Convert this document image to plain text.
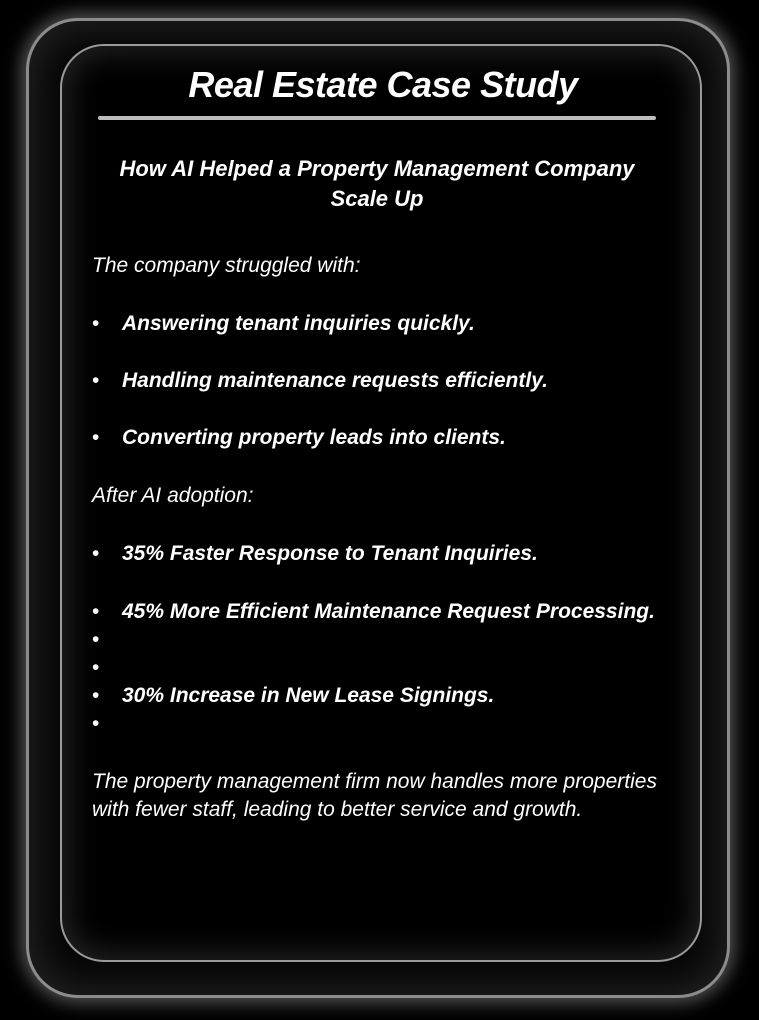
Real Estate Case Study
How AI Helped a Property Management Company Scale Up

The company struggled with:

• Answering tenant inquiries quickly.
• Handling maintenance requests efficiently.
• Converting property leads into clients.

After AI adoption:

• 35% Faster Response to Tenant Inquiries.
• 45% More Efficient Maintenance Request Processing.
•
•
• 30% Increase in New Lease Signings.
•

The property management firm now handles more properties with fewer staff, leading to better service and growth.
